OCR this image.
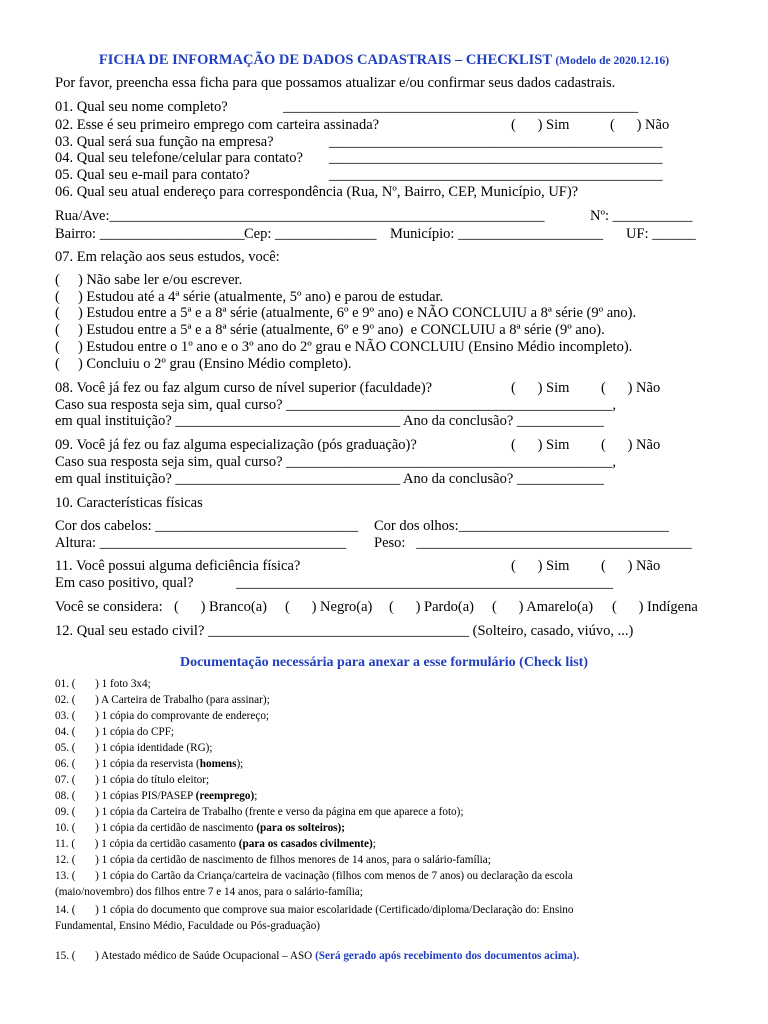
FICHA DE INFORMAÇÃO DE DADOS CADASTRAIS – CHECKLIST (Modelo de 2020.12.16)
Por favor, preencha essa ficha para que possamos atualizar e/ou confirmar seus dados cadastrais.
01. Qual seu nome completo?	_________________________________________________
02. Esse é seu primeiro emprego com carteira assinada?	(      ) Sim	(      ) Não
03. Qual será sua função na empresa?	______________________________________________
04. Qual seu telefone/celular para contato? ______________________________________________
05. Qual seu e-mail para contato?	______________________________________________
06. Qual seu atual endereço para correspondência (Rua, Nº, Bairro, CEP, Município, UF)?
Rua/Ave:____________________________________________________________	Nº: ___________
Bairro: ____________________ Cep: ______________ Município: ____________________ UF: ______
07. Em relação aos seus estudos, você:
(     ) Não sabe ler e/ou escrever.
(     ) Estudou até a 4ª série (atualmente, 5º ano) e parou de estudar.
(     ) Estudou entre a 5ª e a 8ª série (atualmente, 6º e 9º ano) e NÃO CONCLUIU a 8ª série (9º ano).
(     ) Estudou entre a 5ª e a 8ª série (atualmente, 6º e 9º ano)  e CONCLUIU a 8ª série (9º ano).
(     ) Estudou entre o 1º ano e o 3º ano do 2º grau e NÃO CONCLUIU (Ensino Médio incompleto).
(     ) Concluiu o 2º grau (Ensino Médio completo).
08. Você já fez ou faz algum curso de nível superior (faculdade)?	(      ) Sim (      ) Não
Caso sua resposta seja sim, qual curso? _____________________________________________,
em qual instituição? _______________________________ Ano da conclusão? ____________
09. Você já fez ou faz alguma especialização (pós graduação)?	(      ) Sim (      ) Não
Caso sua resposta seja sim, qual curso? _____________________________________________,
em qual instituição? _______________________________ Ano da conclusão? ____________
10. Características físicas
Cor dos cabelos: ____________________________ Cor dos olhos:_____________________________
Altura: __________________________________ Peso:   ______________________________________
11. Você possui alguma deficiência física?	(      ) Sim (      ) Não
Em caso positivo, qual?	____________________________________________________
Você se considera: (      ) Branco(a) (      ) Negro(a) (      ) Pardo(a) (      ) Amarelo(a) (      ) Indígena
12. Qual seu estado civil? ____________________________________ (Solteiro, casado, viúvo, ...)
Documentação necessária para anexar a esse formulário (Check list)
01. (       ) 1 foto 3x4;
02. (       ) A Carteira de Trabalho (para assinar);
03. (       ) 1 cópia do comprovante de endereço;
04. (       ) 1 cópia do CPF;
05. (       ) 1 cópia identidade (RG);
06. (       ) 1 cópia da reservista (homens);
07. (       ) 1 cópia do título eleitor;
08. (       ) 1 cópias PIS/PASEP (reemprego);
09. (       ) 1 cópia da Carteira de Trabalho (frente e verso da página em que aparece a foto);
10. (       ) 1 cópia da certidão de nascimento (para os solteiros);
11. (       ) 1 cópia da certidão casamento (para os casados civilmente);
12. (       ) 1 cópia da certidão de nascimento de filhos menores de 14 anos, para o salário-família;
13. (       ) 1 cópia do Cartão da Criança/carteira de vacinação (filhos com menos de 7 anos) ou declaração da escola
(maio/novembro) dos filhos entre 7 e 14 anos, para o salário-família;
14. (       ) 1 cópia do documento que comprove sua maior escolaridade (Certificado/diploma/Declaração do: Ensino
Fundamental, Ensino Médio, Faculdade ou Pós-graduação)
15. (       ) Atestado médico de Saúde Ocupacional – ASO (Será gerado após recebimento dos documentos acima).
